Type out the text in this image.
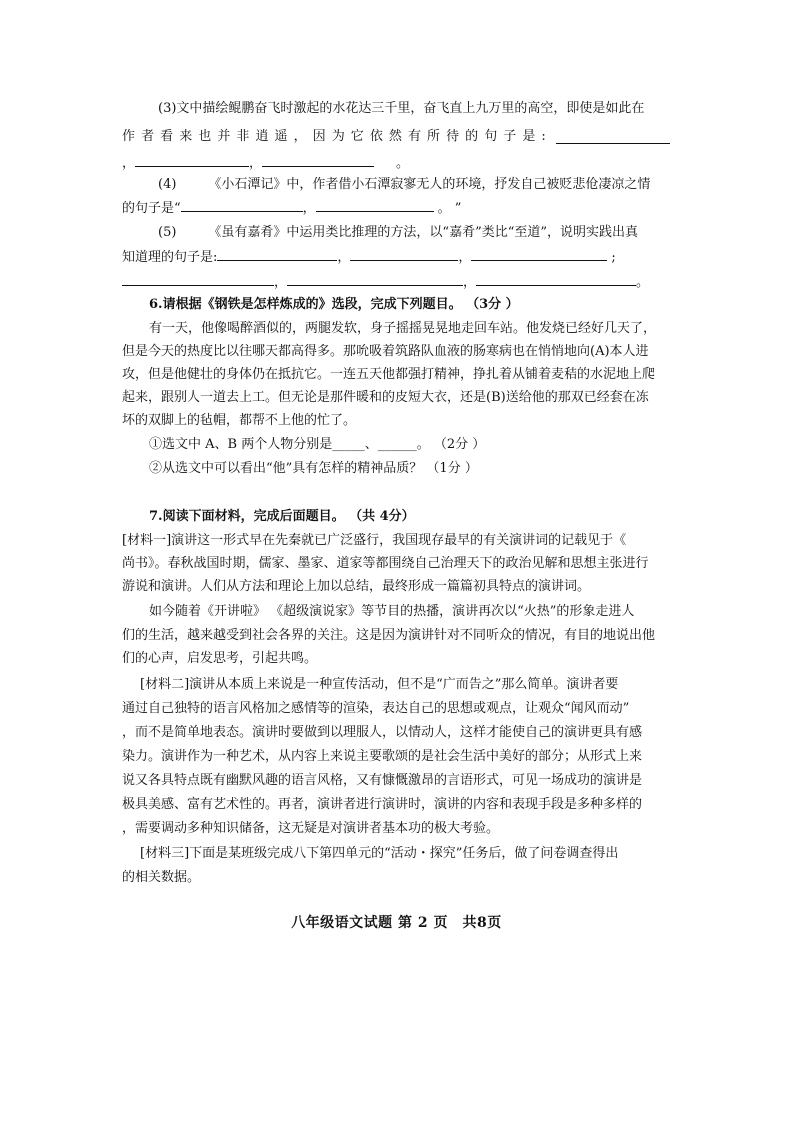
(3)文中描绘鲲鹏奋飞时激起的水花达三千里，奋飞直上九万里的高空，即使是如此在
作 者 看 来 也 并 非 逍 遥 ， 因 为 它 依 然 有 所 待 的 句 子 是 :
，	，	。
(4) 《小石潭记》中，作者借小石潭寂寥无人的环境，抒发自己被贬悲伧凄凉之情
的句子是“	，	。 ”
(5) 《虽有嘉肴》中运用类比推理的方法，以“嘉肴”类比“至道”，说明实践出真
知道理的句子是:	，	，	;
，	，	。
6.请根据《钢铁是怎样炼成的》选段，完成下列题目。 （3分 ）
有一天，他像喝醉酒似的，两腿发软，身子摇摇晃晃地走回车站。他发烧已经好几天了，
但是今天的热度比以往哪天都高得多。那吮吸着筑路队血液的肠寒病也在悄悄地向(A)本人进
攻，但是他健壮的身体仍在抵抗它。一连五天他都强打精神，挣扎着从铺着麦秸的水泥地上爬
起来，跟别人一道去上工。但无论是那件暖和的皮短大衣，还是(B)送给他的那双已经套在冻
坏的双脚上的毡帽，都帮不上他的忙了。
①选文中 A、B 两个人物分别是_____、______。 （2分 ）
②从选文中可以看出“他”具有怎样的精神品质？ （1分 ）
7.阅读下面材料，完成后面题目。 （共 4分）
[材料一]演讲这一形式早在先秦就已广泛盛行，我国现存最早的有关演讲词的记载见于《
尚书》。春秋战国时期，儒家、墨家、道家等都围绕自己治理天下的政治见解和思想主张进行
游说和演讲。人们从方法和理论上加以总结，最终形成一篇篇初具特点的演讲词。
如今随着《开讲啦》 《超级演说家》等节目的热播，演讲再次以“火热”的形象走进人
们的生活，越来越受到社会各界的关注。这是因为演讲针对不同听众的情况，有目的地说出他
们的心声，启发思考，引起共鸣。
[材料二]演讲从本质上来说是一种宣传活动，但不是“广而告之”那么简单。演讲者要
通过自己独特的语言风格加之感情等的渲染，表达自己的思想或观点，让观众“闻风而动”
，而不是简单地表态。演讲时要做到以理服人，以情动人，这样才能使自己的演讲更具有感
染力。演讲作为一种艺术，从内容上来说主要歌颂的是社会生活中美好的部分；从形式上来
说又各具特点既有幽默风趣的语言风格，又有慷慨激昂的言语形式，可见一场成功的演讲是
极具美感、富有艺术性的。再者，演讲者进行演讲时，演讲的内容和表现手段是多种多样的
，需要调动多种知识储备，这无疑是对演讲者基本功的极大考验。
[材料三]下面是某班级完成八下第四单元的“活动・探究”任务后，做了问卷调查得出
的相关数据。
八年级语文试题 第 2 页　共8页
